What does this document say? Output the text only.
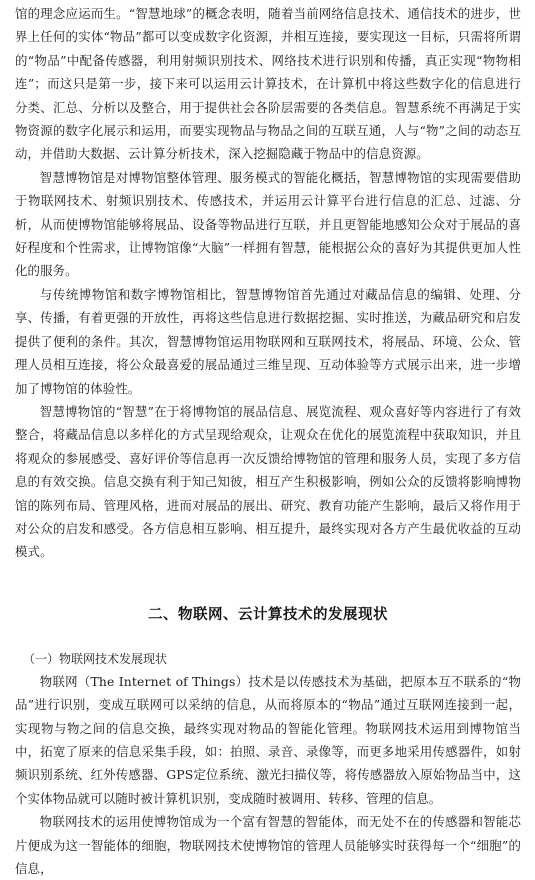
馆的理念应运而生。“智慧地球”的概念表明，随着当前网络信息技术、通信技术的进步，世界上任何的实体“物品”都可以变成数字化资源，并相互连接，要实现这一目标，只需将所谓的“物品”中配备传感器，利用射频识别技术、网络技术进行识别和传播，真正实现“物物相连”；而这只是第一步，接下来可以运用云计算技术，在计算机中将这些数字化的信息进行分类、汇总、分析以及整合，用于提供社会各阶层需要的各类信息。智慧系统不再满足于实物资源的数字化展示和运用，而要实现物品与物品之间的互联互通，人与“物”之间的动态互动，并借助大数据、云计算分析技术，深入挖掘隐藏于物品中的信息资源。

智慧博物馆是对博物馆整体管理、服务模式的智能化概括，智慧博物馆的实现需要借助于物联网技术、射频识别技术、传感技术，并运用云计算平台进行信息的汇总、过滤、分析，从而使博物馆能够将展品、设备等物品进行互联，并且更智能地感知公众对于展品的喜好程度和个性需求，让博物馆像“大脑”一样拥有智慧，能根据公众的喜好为其提供更加人性化的服务。

与传统博物馆和数字博物馆相比，智慧博物馆首先通过对藏品信息的编辑、处理、分享、传播，有着更强的开放性，再将这些信息进行数据挖掘、实时推送，为藏品研究和启发提供了便利的条件。其次，智慧博物馆运用物联网和互联网技术，将展品、环境、公众、管理人员相互连接，将公众最喜爱的展品通过三维呈现、互动体验等方式展示出来，进一步增加了博物馆的体验性。

智慧博物馆的“智慧”在于将博物馆的展品信息、展览流程、观众喜好等内容进行了有效整合，将藏品信息以多样化的方式呈现给观众，让观众在优化的展览流程中获取知识，并且将观众的参展感受、喜好评价等信息再一次反馈给博物馆的管理和服务人员，实现了多方信息的有效交换。信息交换有利于知己知彼，相互产生积极影响，例如公众的反馈将影响博物馆的陈列布局、管理风格，进而对展品的展出、研究、教育功能产生影响，最后又将作用于对公众的启发和感受。各方信息相互影响、相互提升，最终实现对各方产生最优收益的互动模式。

二、物联网、云计算技术的发展现状

（一）物联网技术发展现状

物联网（The Internet of Things）技术是以传感技术为基础，把原本互不联系的“物品”进行识别，变成互联网可以采纳的信息，从而将原本的“物品”通过互联网连接到一起，实现物与物之间的信息交换，最终实现对物品的智能化管理。物联网技术运用到博物馆当中，拓宽了原来的信息采集手段，如：拍照、录音、录像等，而更多地采用传感器件，如射频识别系统、红外传感器、GPS定位系统、激光扫描仪等，将传感器放入原始物品当中，这个实体物品就可以随时被计算机识别，变成随时被调用、转移、管理的信息。

物联网技术的运用使博物馆成为一个富有智慧的智能体，而无处不在的传感器和智能芯片便成为这一智能体的细胞，物联网技术使博物馆的管理人员能够实时获得每一个“细胞”的信息，
